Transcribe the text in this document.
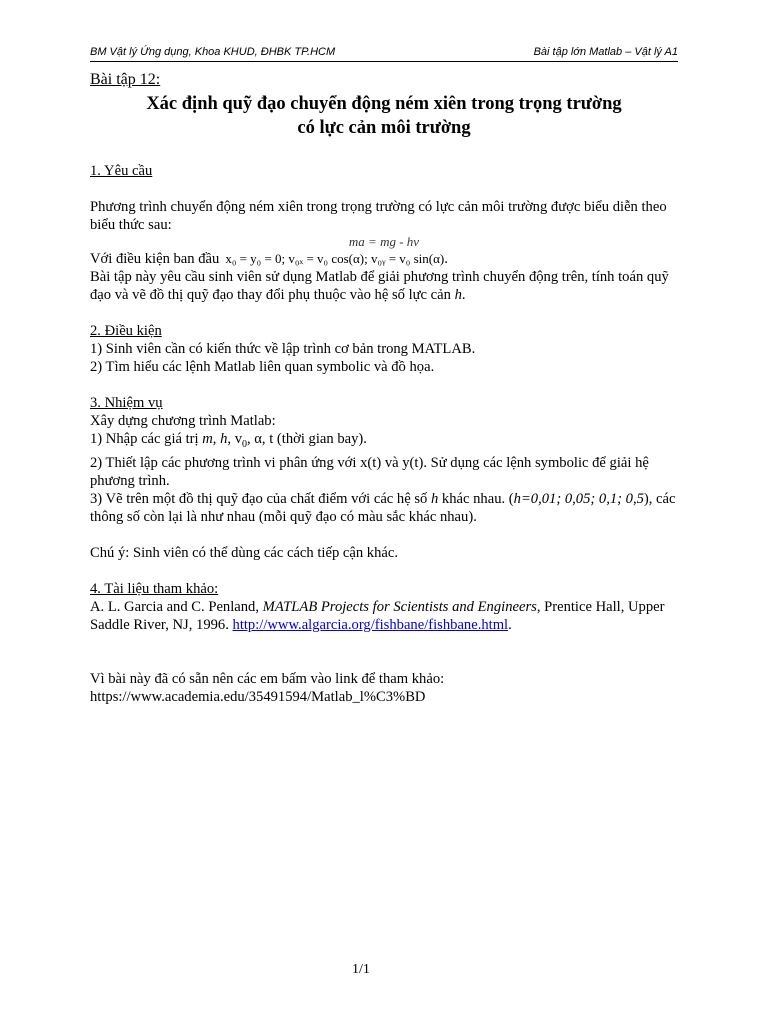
BM Vật lý Ứng dụng, Khoa KHUD, ĐHBK TP.HCM	Bài tập lớn Matlab – Vật lý A1

Bài tập 12:

Xác định quỹ đạo chuyển động ném xiên trong trọng trường
có lực cản môi trường

1. Yêu cầu

Phương trình chuyển động ném xiên trong trọng trường có lực cản môi trường được biểu diễn theo biểu thức sau:

ma = mg - hv

Với điều kiện ban đầu x₀ = y₀ = 0; v₀ₓ = v₀ cos(α); v₀ᵧ = v₀ sin(α).

Bài tập này yêu cầu sinh viên sử dụng Matlab để giải phương trình chuyển động trên, tính toán quỹ đạo và vẽ đồ thị quỹ đạo thay đổi phụ thuộc vào hệ số lực cản h.

2. Điều kiện

1) Sinh viên cần có kiến thức về lập trình cơ bản trong MATLAB.

2) Tìm hiểu các lệnh Matlab liên quan symbolic và đồ họa.

3. Nhiệm vụ

Xây dựng chương trình Matlab:

1) Nhập các giá trị m, h, $v_0$, α, t (thời gian bay).

2) Thiết lập các phương trình vi phân ứng với x(t) và y(t). Sử dụng các lệnh symbolic để giải hệ phương trình.

3) Vẽ trên một đồ thị quỹ đạo của chất điểm với các hệ số h khác nhau. (h=0,01; 0,05; 0,1; 0,5), các thông số còn lại là như nhau (mỗi quỹ đạo có màu sắc khác nhau).

Chú ý: Sinh viên có thể dùng các cách tiếp cận khác.

4. Tài liệu tham khảo:

A. L. Garcia and C. Penland, MATLAB Projects for Scientists and Engineers, Prentice Hall, Upper Saddle River, NJ, 1996. http://www.algarcia.org/fishbane/fishbane.html.

Vì bài này đã có sẵn nên các em bấm vào link để tham khảo:

https://www.academia.edu/35491594/Matlab_l%C3%BD

1/1
